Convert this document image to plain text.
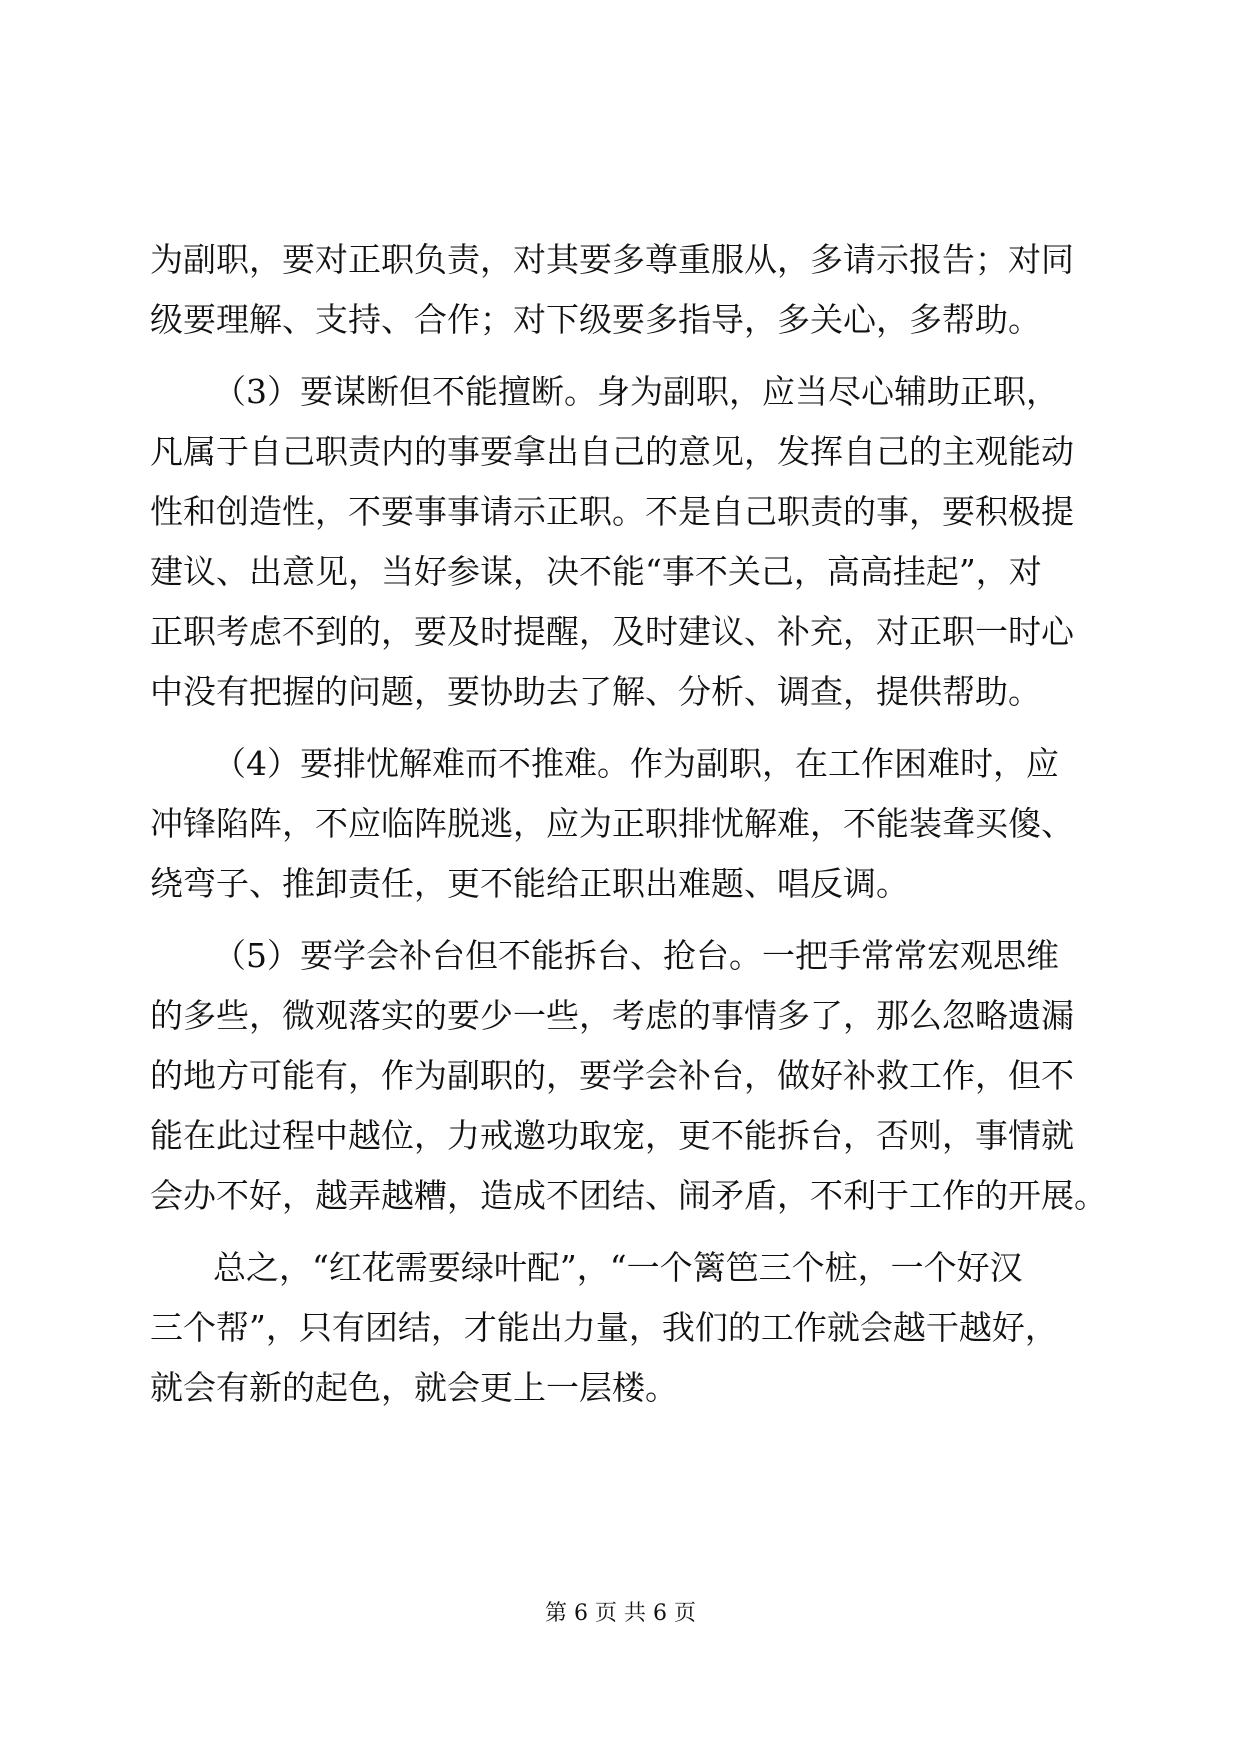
为副职，要对正职负责，对其要多尊重服从，多请示报告；对同
级要理解、支持、合作；对下级要多指导，多关心，多帮助。
（3）要谋断但不能擅断。身为副职，应当尽心辅助正职，
凡属于自己职责内的事要拿出自己的意见，发挥自己的主观能动
性和创造性，不要事事请示正职。不是自己职责的事，要积极提
建议、出意见，当好参谋，决不能“事不关己，高高挂起”，对
正职考虑不到的，要及时提醒，及时建议、补充，对正职一时心
中没有把握的问题，要协助去了解、分析、调查，提供帮助。
（4）要排忧解难而不推难。作为副职，在工作困难时，应
冲锋陷阵，不应临阵脱逃，应为正职排忧解难，不能装聋买傻、
绕弯子、推卸责任，更不能给正职出难题、唱反调。
（5）要学会补台但不能拆台、抢台。一把手常常宏观思维
的多些，微观落实的要少一些，考虑的事情多了，那么忽略遗漏
的地方可能有，作为副职的，要学会补台，做好补救工作，但不
能在此过程中越位，力戒邀功取宠，更不能拆台，否则，事情就
会办不好，越弄越糟，造成不团结、闹矛盾，不利于工作的开展。
总之，“红花需要绿叶配”，“一个篱笆三个桩，一个好汉
三个帮”，只有团结，才能出力量，我们的工作就会越干越好，
就会有新的起色，就会更上一层楼。
第 6 页 共 6 页
